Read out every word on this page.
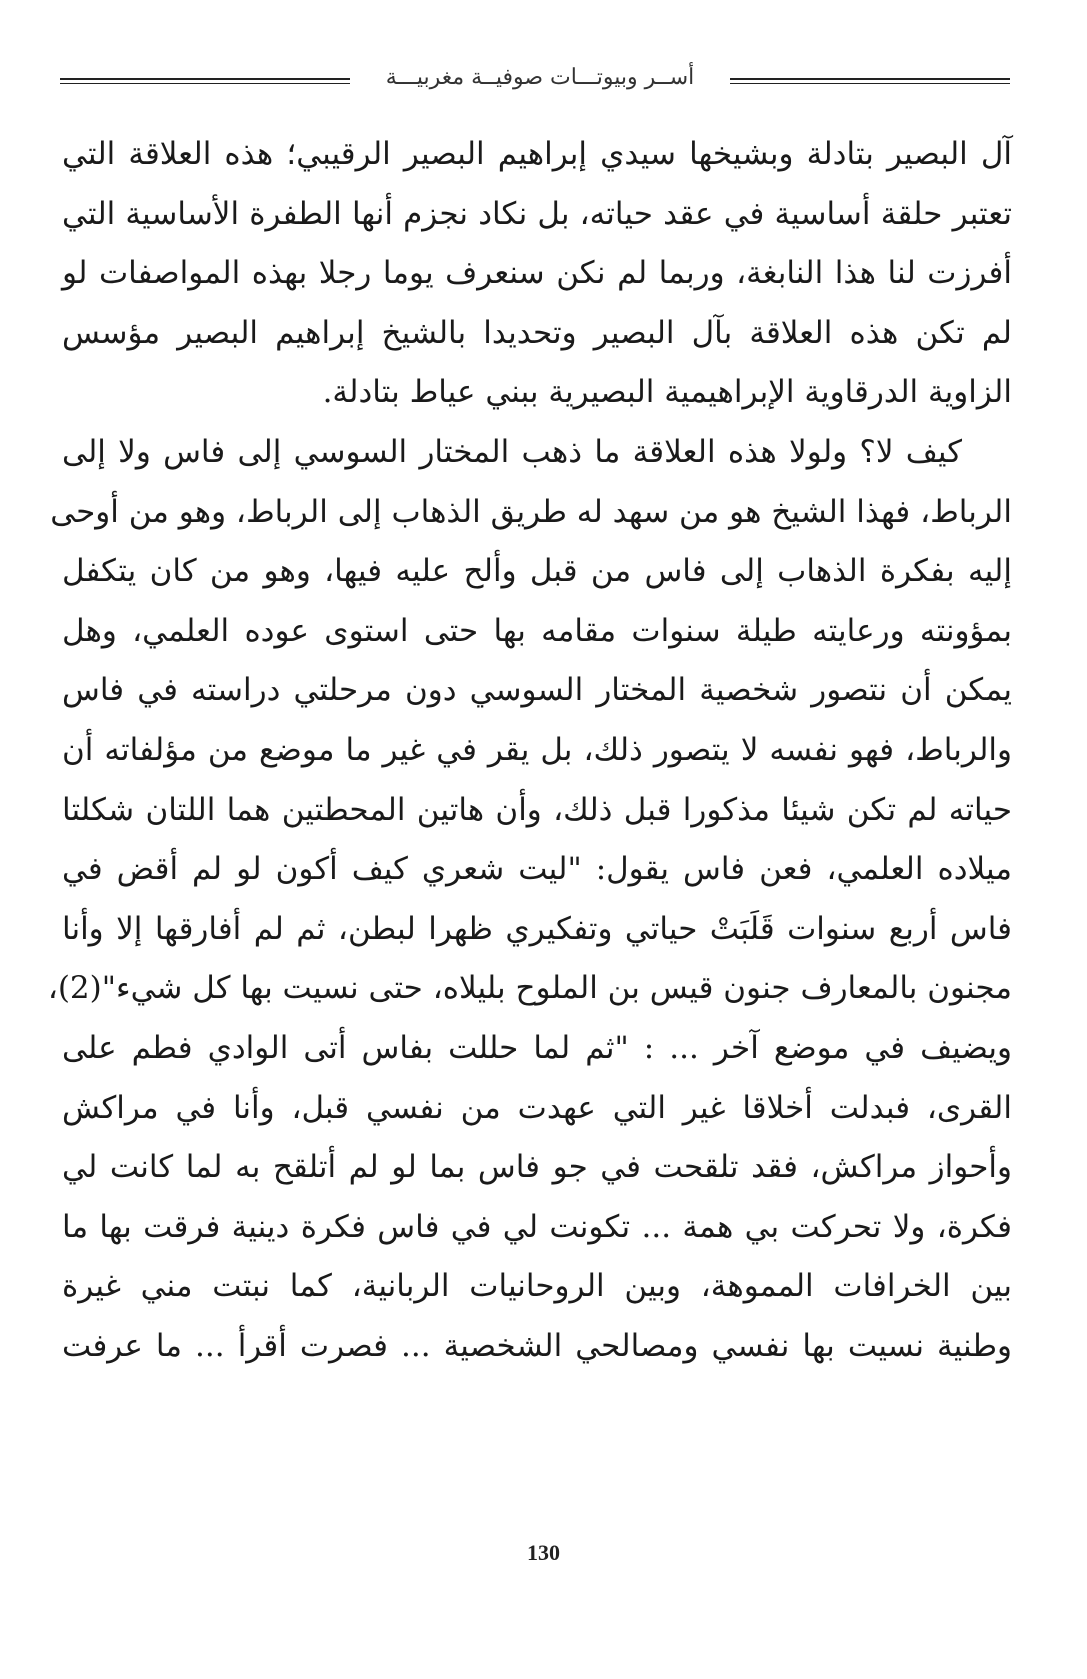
أســر وبيوتـــات صوفيــة مغربيـــة
آل البصير بتادلة وبشيخها سيدي إبراهيم البصير الرقيبي؛ هذه العلاقة التي
تعتبر حلقة أساسية في عقد حياته، بل نكاد نجزم أنها الطفرة الأساسية التي
أفرزت لنا هذا النابغة، وربما لم نكن سنعرف يوما رجلا بهذه المواصفات لو
لم تكن هذه العلاقة بآل البصير وتحديدا بالشيخ إبراهيم البصير مؤسس
الزاوية الدرقاوية الإبراهيمية البصيرية ببني عياط بتادلة.
كيف لا؟ ولولا هذه العلاقة ما ذهب المختار السوسي إلى فاس ولا إلى
الرباط، فهذا الشيخ هو من سهد له طريق الذهاب إلى الرباط، وهو من أوحى
إليه بفكرة الذهاب إلى فاس من قبل وألح عليه فيها، وهو من كان يتكفل
بمؤونته ورعايته طيلة سنوات مقامه بها حتى استوى عوده العلمي، وهل
يمكن أن نتصور شخصية المختار السوسي دون مرحلتي دراسته في فاس
والرباط، فهو نفسه لا يتصور ذلك، بل يقر في غير ما موضع من مؤلفاته أن
حياته لم تكن شيئا مذكورا قبل ذلك، وأن هاتين المحطتين هما اللتان شكلتا
ميلاده العلمي، فعن فاس يقول: "ليت شعري كيف أكون لو لم أقض في
فاس أربع سنوات قَلَبَتْ حياتي وتفكيري ظهرا لبطن، ثم لم أفارقها إلا وأنا
مجنون بالمعارف جنون قيس بن الملوح بليلاه، حتى نسيت بها كل شيء"(2)،
ويضيف في موضع آخر ... : "ثم لما حللت بفاس أتى الوادي فطم على
القرى، فبدلت أخلاقا غير التي عهدت من نفسي قبل، وأنا في مراكش
وأحواز مراكش، فقد تلقحت في جو فاس بما لو لم أتلقح به لما كانت لي
فكرة، ولا تحركت بي همة ... تكونت لي في فاس فكرة دينية فرقت بها ما
بين الخرافات المموهة، وبين الروحانيات الربانية، كما نبتت مني غيرة
وطنية نسيت بها نفسي ومصالحي الشخصية ... فصرت أقرأ ... ما عرفت
130
